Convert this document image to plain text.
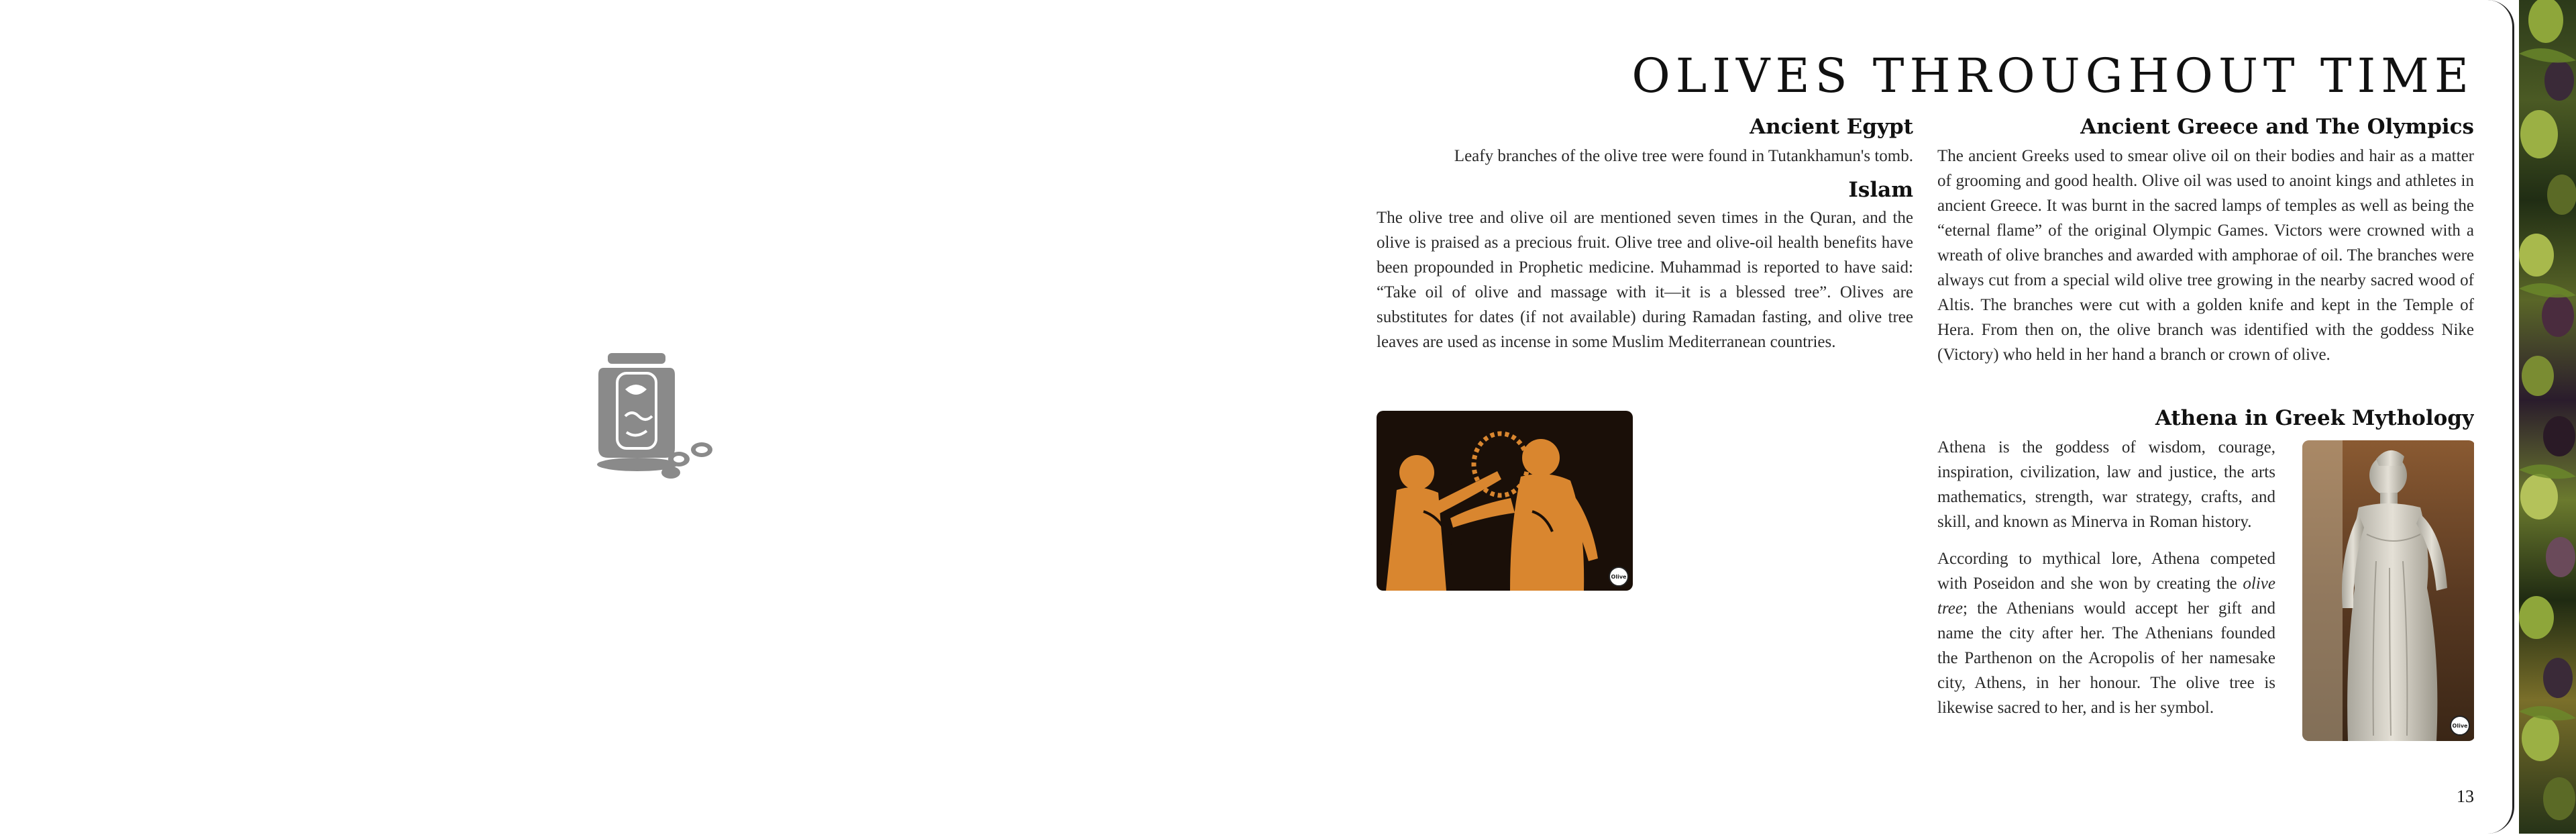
OLIVES THROUGHOUT TIME
Ancient Egypt
Leafy branches of the olive tree were found in Tutankhamun's tomb.
Islam
The olive tree and olive oil are mentioned seven times in the Quran, and the olive is praised as a precious fruit. Olive tree and olive-oil health benefits have been propounded in Prophetic medicine. Muhammad is reported to have said: “Take oil of olive and massage with it—it is a blessed tree”. Olives are substitutes for dates (if not available) during Ramadan fasting, and olive tree leaves are used as incense in some Muslim Mediterranean countries.
Olive
Ancient Greece and The Olympics
The ancient Greeks used to smear olive oil on their bodies and hair as a matter of grooming and good health. Olive oil was used to anoint kings and athletes in ancient Greece. It was burnt in the sacred lamps of temples as well as being the “eternal flame” of the original Olympic Games. Victors were crowned with a wreath of olive branches and awarded with amphorae of oil. The branches were always cut from a special wild olive tree growing in the nearby sacred wood of Altis. The branches were cut with a golden knife and kept in the Temple of Hera. From then on, the olive branch was identified with the goddess Nike (Victory) who held in her hand a branch or crown of olive.
Athena in Greek Mythology
Athena is the goddess of wisdom, courage, inspiration, civilization, law and justice, the arts mathematics, strength, war strategy, crafts, and skill, and known as Minerva in Roman history.
According to mythical lore, Athena competed with Poseidon and she won by creating the olive tree; the Athenians would accept her gift and name the city after her. The Athenians founded the Parthenon on the Acropolis of her namesake city, Athens, in her honour. The olive tree is likewise sacred to her, and is her symbol.
Olive
13
